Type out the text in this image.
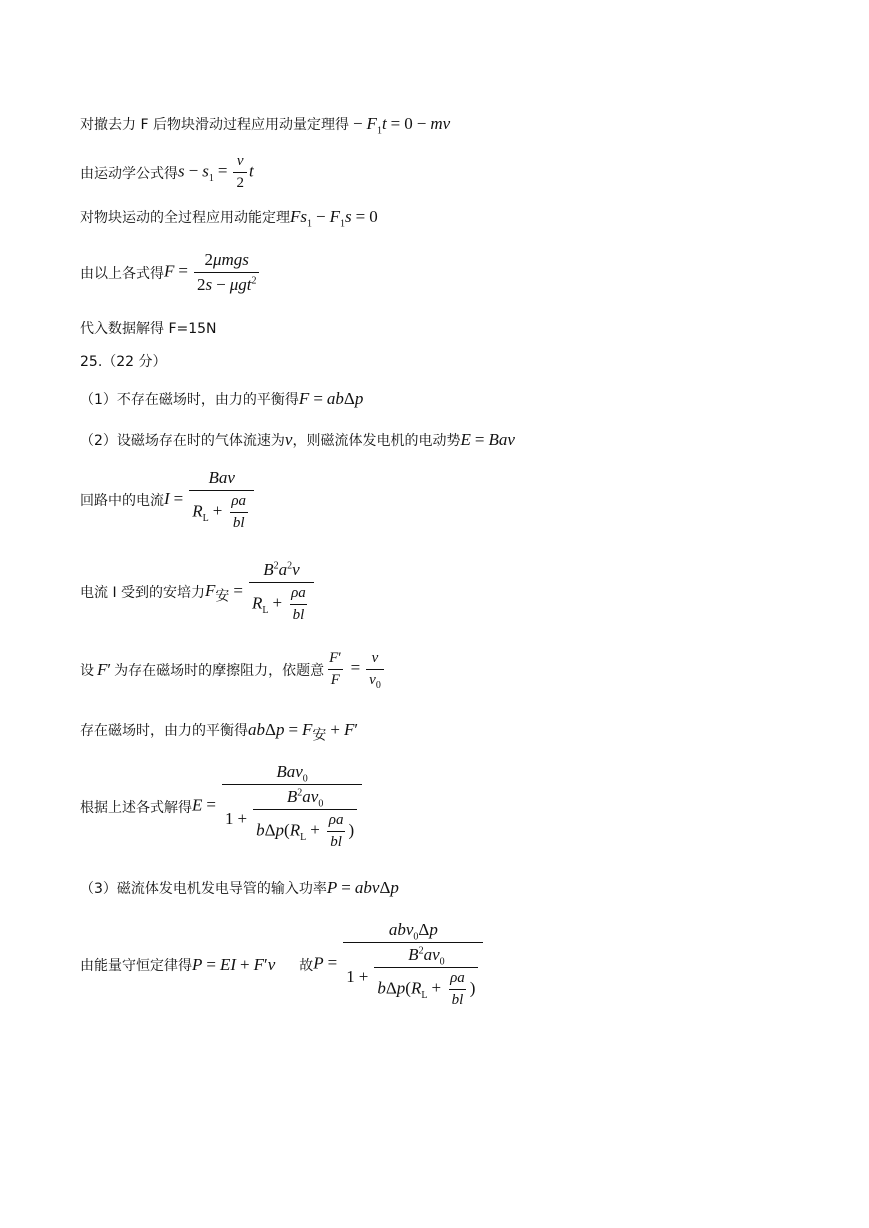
对撤去力 F 后物块滑动过程应用动量定理得 − $F_1t = 0$ − mv
由运动学公式得 $s - s_1 = \frac{v}{2}$ t
对物块运动的全过程应用动能定理 $Fs_1 - F_1s = 0$
由以上各式得 $F = \frac{\text{2μmgs}}{2s - \mu gt^2}$
代入数据解得 F=15N
25.（22 分）
（1）不存在磁场时，由力的平衡得 F = abΔp
（2）设磁场存在时的气体流速为 v ，则磁流体发电机的电动势 E = Bav
回路中的电流 $I = \frac{\text{Bav}}{R_L + \frac{\rho a}{bl}}$
电流 I 受到的安培力 $F_安 = \frac{B^2a^2v}{R_L + \frac{\rho a}{bl}}$
设 F′ 为存在磁场时的摩擦阻力，依题意 $\frac{F'}{F} = \frac{v}{v_0}$
存在磁场时，由力的平衡得 $ab\Delta p = F_安 + F'$
根据上述各式解得 $E = \frac{Bav_0}{1 + \frac{B^2av_0}{b\Delta p(R_L + \frac{\rho a}{bl} )}}$
（3）磁流体发电机发电导管的输入功率 P = abvΔp
由能量守恒定律得 P = EI + F′v 故 $P = \frac{abv_0\Delta p}{1 + \frac{B^2av_0}{b\Delta p(R_L + \frac{\rho a}{bl} )}}$
